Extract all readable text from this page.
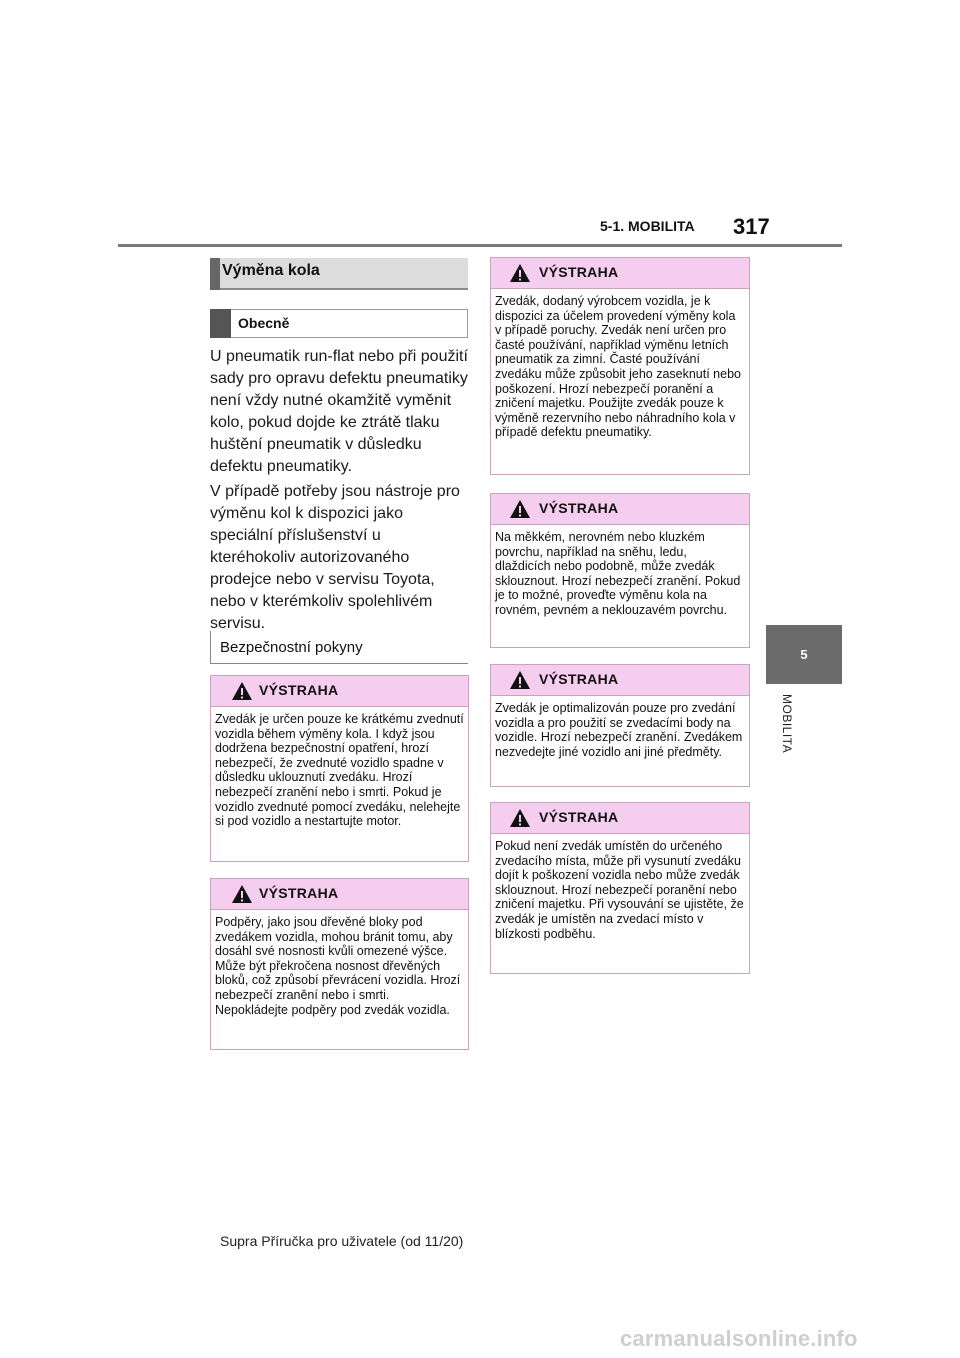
5-1. MOBILITA 317
5
MOBILITA
Výměna kola
Obecně
U pneumatik run-flat nebo při použití sady pro opravu defektu pneumatiky není vždy nutné okamžitě vyměnit kolo, pokud dojde ke ztrátě tlaku huštění pneumatik v důsledku defektu pneumatiky.
V případě potřeby jsou nástroje pro výměnu kol k dispozici jako speciální příslušenství u kteréhokoliv autorizovaného prodejce nebo v servisu Toyota, nebo v kterémkoliv spolehlivém servisu.
Bezpečnostní pokyny
VÝSTRAHA
Zvedák je určen pouze ke krátkému zvednutí vozidla během výměny kola. I když jsou dodržena bezpečnostní opatření, hrozí nebezpečí, že zvednuté vozidlo spadne v důsledku uklouznutí zvedáku. Hrozí nebezpečí zranění nebo i smrti. Pokud je vozidlo zvednuté pomocí zvedáku, nelehejte si pod vozidlo a nestartujte motor.
VÝSTRAHA
Podpěry, jako jsou dřevěné bloky pod zvedákem vozidla, mohou bránit tomu, aby dosáhl své nosnosti kvůli omezené výšce. Může být překročena nosnost dřevěných bloků, což způsobí převrácení vozidla. Hrozí nebezpečí zranění nebo i smrti. Nepokládejte podpěry pod zvedák vozidla.
VÝSTRAHA
Zvedák, dodaný výrobcem vozidla, je k dispozici za účelem provedení výměny kola v případě poruchy. Zvedák není určen pro časté používání, například výměnu letních pneumatik za zimní. Časté používání zvedáku může způsobit jeho zaseknutí nebo poškození. Hrozí nebezpečí poranění a zničení majetku. Použijte zvedák pouze k výměně rezervního nebo náhradního kola v případě defektu pneumatiky.
VÝSTRAHA
Na měkkém, nerovném nebo kluzkém povrchu, například na sněhu, ledu, dlaždicích nebo podobně, může zvedák sklouznout. Hrozí nebezpečí zranění. Pokud je to možné, proveďte výměnu kola na rovném, pevném a neklouzavém povrchu.
VÝSTRAHA
Zvedák je optimalizován pouze pro zvedání vozidla a pro použití se zvedacími body na vozidle. Hrozí nebezpečí zranění. Zvedákem nezvedejte jiné vozidlo ani jiné předměty.
VÝSTRAHA
Pokud není zvedák umístěn do určeného zvedacího místa, může při vysunutí zvedáku dojít k poškození vozidla nebo může zvedák sklouznout. Hrozí nebezpečí poranění nebo zničení majetku. Při vysouvání se ujistěte, že zvedák je umístěn na zvedací místo v blízkosti podběhu.
Supra Příručka pro uživatele (od 11/20)
carmanualsonline.info
